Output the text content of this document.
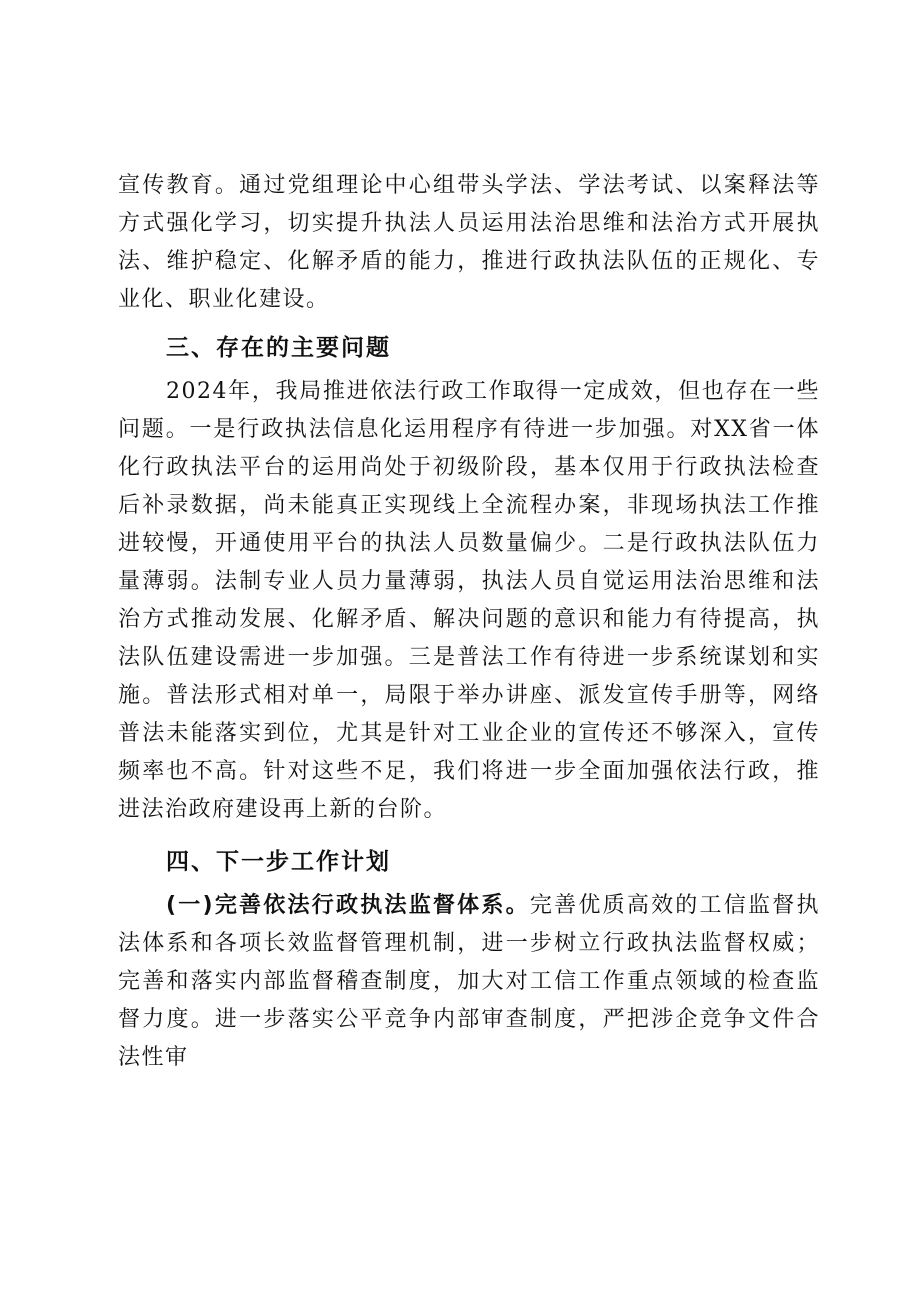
宣传教育。通过党组理论中心组带头学法、学法考试、以案释法等方式强化学习，切实提升执法人员运用法治思维和法治方式开展执法、维护稳定、化解矛盾的能力，推进行政执法队伍的正规化、专业化、职业化建设。

三、存在的主要问题

2024年，我局推进依法行政工作取得一定成效，但也存在一些问题。一是行政执法信息化运用程序有待进一步加强。对XX省一体化行政执法平台的运用尚处于初级阶段，基本仅用于行政执法检查后补录数据，尚未能真正实现线上全流程办案，非现场执法工作推进较慢，开通使用平台的执法人员数量偏少。二是行政执法队伍力量薄弱。法制专业人员力量薄弱，执法人员自觉运用法治思维和法治方式推动发展、化解矛盾、解决问题的意识和能力有待提高，执法队伍建设需进一步加强。三是普法工作有待进一步系统谋划和实施。普法形式相对单一，局限于举办讲座、派发宣传手册等，网络普法未能落实到位，尤其是针对工业企业的宣传还不够深入，宣传频率也不高。针对这些不足，我们将进一步全面加强依法行政，推进法治政府建设再上新的台阶。

四、下一步工作计划

(一)完善依法行政执法监督体系。完善优质高效的工信监督执法体系和各项长效监督管理机制，进一步树立行政执法监督权威；完善和落实内部监督稽查制度，加大对工信工作重点领域的检查监督力度。进一步落实公平竞争内部审查制度，严把涉企竞争文件合法性审
